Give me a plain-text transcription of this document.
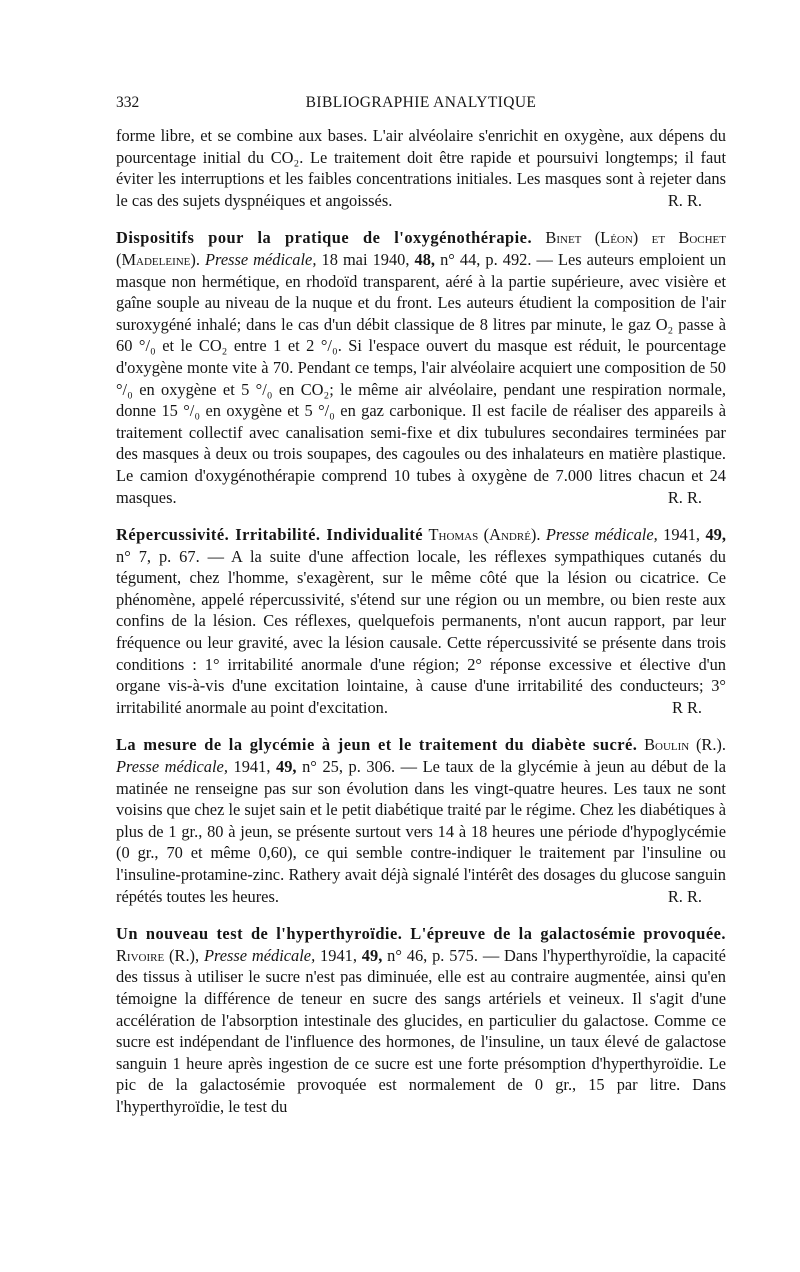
332	BIBLIOGRAPHIE ANALYTIQUE

forme libre, et se combine aux bases. L'air alvéolaire s'enrichit en oxygène, aux dépens du pourcentage initial du CO₂. Le traitement doit être rapide et poursuivi longtemps; il faut éviter les interruptions et les faibles concentrations initiales. Les masques sont à rejeter dans le cas des sujets dyspnéiques et angoissés.	R. R.

Dispositifs pour la pratique de l'oxygénothérapie. Binet (Léon) et Bochet (Madeleine). Presse médicale, 18 mai 1940, 48, n° 44, p. 492. — Les auteurs emploient un masque non hermétique, en rhodoïd transparent, aéré à la partie supérieure, avec visière et gaîne souple au niveau de la nuque et du front. Les auteurs étudient la composition de l'air suroxygéné inhalé; dans le cas d'un débit classique de 8 litres par minute, le gaz O₂ passe à 60 °/₀ et le CO₂ entre 1 et 2 °/₀. Si l'espace ouvert du masque est réduit, le pourcentage d'oxygène monte vite à 70. Pendant ce temps, l'air alvéolaire acquiert une composition de 50 °/₀ en oxygène et 5 °/₀ en CO₂; le même air alvéolaire, pendant une respiration normale, donne 15 °/₀ en oxygène et 5 °/₀ en gaz carbonique. Il est facile de réaliser des appareils à traitement collectif avec canalisation semi-fixe et dix tubulures secondaires terminées par des masques à deux ou trois soupapes, des cagoules ou des inhalateurs en matière plastique. Le camion d'oxygénothérapie comprend 10 tubes à oxygène de 7.000 litres chacun et 24 masques.	R. R.

Répercussivité. Irritabilité. Individualité Thomas (André). Presse médicale, 1941, 49, n° 7, p. 67. — A la suite d'une affection locale, les réflexes sympathiques cutanés du tégument, chez l'homme, s'exagèrent, sur le même côté que la lésion ou cicatrice. Ce phénomène, appelé répercussivité, s'étend sur une région ou un membre, ou bien reste aux confins de la lésion. Ces réflexes, quelquefois permanents, n'ont aucun rapport, par leur fréquence ou leur gravité, avec la lésion causale. Cette répercussivité se présente dans trois conditions : 1° irritabilité anormale d'une région; 2° réponse excessive et élective d'un organe vis-à-vis d'une excitation lointaine, à cause d'une irritabilité des conducteurs; 3° irritabilité anormale au point d'excitation.	R R.

La mesure de la glycémie à jeun et le traitement du diabète sucré. Boulin (R.). Presse médicale, 1941, 49, n° 25, p. 306. — Le taux de la glycémie à jeun au début de la matinée ne renseigne pas sur son évolution dans les vingt-quatre heures. Les taux ne sont voisins que chez le sujet sain et le petit diabétique traité par le régime. Chez les diabétiques à plus de 1 gr., 80 à jeun, se présente surtout vers 14 à 18 heures une période d'hypoglycémie (0 gr., 70 et même 0,60), ce qui semble contre-indiquer le traitement par l'insuline ou l'insuline-protamine-zinc. Rathery avait déjà signalé l'intérêt des dosages du glucose sanguin répétés toutes les heures.	R. R.

Un nouveau test de l'hyperthyroïdie. L'épreuve de la galactosémie provoquée. Rivoire (R.), Presse médicale, 1941, 49, n° 46, p. 575. — Dans l'hyperthyroïdie, la capacité des tissus à utiliser le sucre n'est pas diminuée, elle est au contraire augmentée, ainsi qu'en témoigne la différence de teneur en sucre des sangs artériels et veineux. Il s'agit d'une accélération de l'absorption intestinale des glucides, en particulier du galactose. Comme ce sucre est indépendant de l'influence des hormones, de l'insuline, un taux élevé de galactose sanguin 1 heure après ingestion de ce sucre est une forte présomption d'hyperthyroïdie. Le pic de la galactosémie provoquée est normalement de 0 gr., 15 par litre. Dans l'hyperthyroïdie, le test du
